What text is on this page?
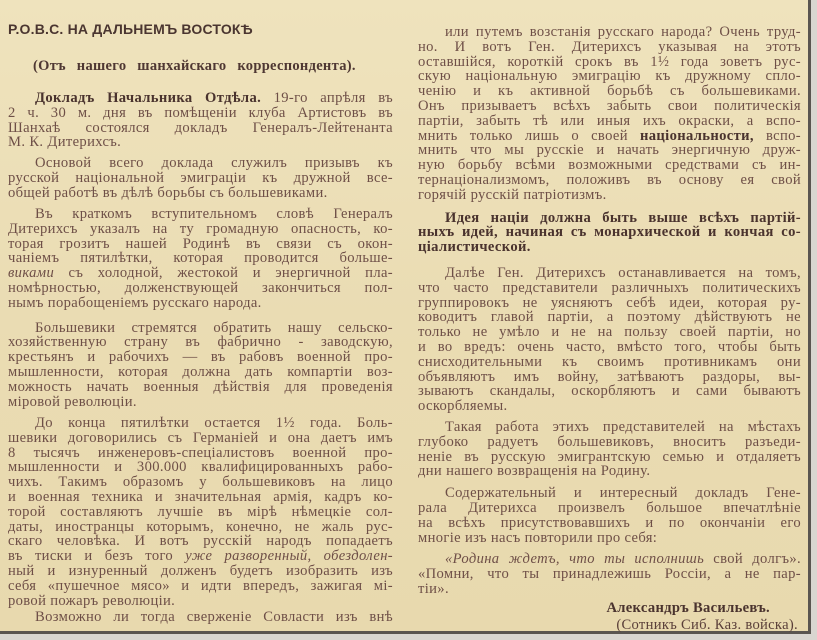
Р.О.В.С. НА ДАЛЬНЕМЪ ВОСТОКѢ
(Отъ нашего шанхайскаго корреспондента).
Докладъ Начальника Отдѣла. 19-го апрѣля въ
2 ч. 30 м. дня въ помѣщеніи клуба Артистовъ въ
Шанхаѣ состоялся докладъ Генералъ-Лейтенанта
М. К. Дитерихсъ.
Основой всего доклада служилъ призывъ къ
русской національной эмиграціи къ дружной все-
общей работѣ въ дѣлѣ борьбы съ большевиками.
Въ краткомъ вступительномъ словѣ Генералъ
Дитерихсъ указалъ на ту громадную опасность, ко-
торая грозитъ нашей Родинѣ въ связи съ окон-
чаніемъ пятилѣтки, которая проводится больше-
виками съ холодной, жестокой и энергичной пла-
номѣрностью, долженствующей закончиться пол-
нымъ порабощеніемъ русскаго народа.
Большевики стремятся обратить нашу сельско-
хозяйственную страну въ фабрично - заводскую,
крестьянъ и рабочихъ — въ рабовъ военной про-
мышленности, которая должна дать компартіи воз-
можность начать военныя дѣйствія для проведенія
міровой революціи.
До конца пятилѣтки остается 1½ года. Боль-
шевики договорились съ Германіей и она даетъ имъ
8 тысячъ инженеровъ-спеціалистовъ военной про-
мышленности и 300.000 квалифицированныхъ рабо-
чихъ. Такимъ образомъ у большевиковъ на лицо
и военная техника и значительная армія, кадръ ко-
торой составляютъ лучшіе въ мірѣ нѣмецкіе сол-
даты, иностранцы которымъ, конечно, не жаль рус-
скаго человѣка. И вотъ русскій народъ попадаетъ
въ тиски и безъ того уже разворенный, обездолен-
ный и изнуренный долженъ будетъ изобразить изъ
себя «пушечное мясо» и идти впередъ, зажигая мі-
ровой пожаръ революціи.
Возможно ли тогда сверженіе Совласти изъ внѣ
или путемъ возстанія русскаго народа? Очень труд-
но. И вотъ Ген. Дитерихсъ указывая на этотъ
оставшійся, короткій срокъ въ 1½ года зоветъ рус-
скую національную эмиграцію къ дружному спло-
ченію и къ активной борьбѣ съ большевиками.
Онъ призываетъ всѣхъ забыть свои политическія
партіи, забыть тѣ или иныя ихъ окраски, а вспо-
мнить только лишь о своей національности, вспо-
мнить что мы русскіе и начать энергичную друж-
ную борьбу всѣми возможными средствами съ ин-
тернаціонализмомъ, положивъ въ основу ея свой
горячій русскій патріотизмъ.
Идея націи должна быть выше всѣхъ партій-
ныхъ идей, начиная съ монархической и кончая со-
ціалистической.
Далѣе Ген. Дитерихсъ останавливается на томъ,
что часто представители различныхъ политическихъ
группировокъ не уясняютъ себѣ идеи, которая ру-
ководитъ главой партіи, а поэтому дѣйствуютъ не
только не умѣло и не на пользу своей партіи, но
и во вредъ: очень часто, вмѣсто того, чтобы быть
снисходительными къ своимъ противникамъ они
объявляютъ имъ войну, затѣваютъ раздоры, вы-
зываютъ скандалы, оскорбляютъ и сами бываютъ
оскорбляемы.
Такая работа этихъ представителей на мѣстахъ
глубоко радуетъ большевиковъ, вноситъ разъеди-
неніе въ русскую эмигрантскую семью и отдаляетъ
дни нашего возвращенія на Родину.
Содержательный и интересный докладъ Гене-
рала Дитерихса произвелъ большое впечатлѣніе
на всѣхъ присутствовавшихъ и по окончаніи его
многіе изъ насъ повторили про себя:
«Родина ждетъ, что ты исполнишь свой долгъ».
«Помни, что ты принадлежишь Россіи, а не пар-
тіи».
Александръ Васильевъ.
(Сотникъ Сиб. Каз. войска).
